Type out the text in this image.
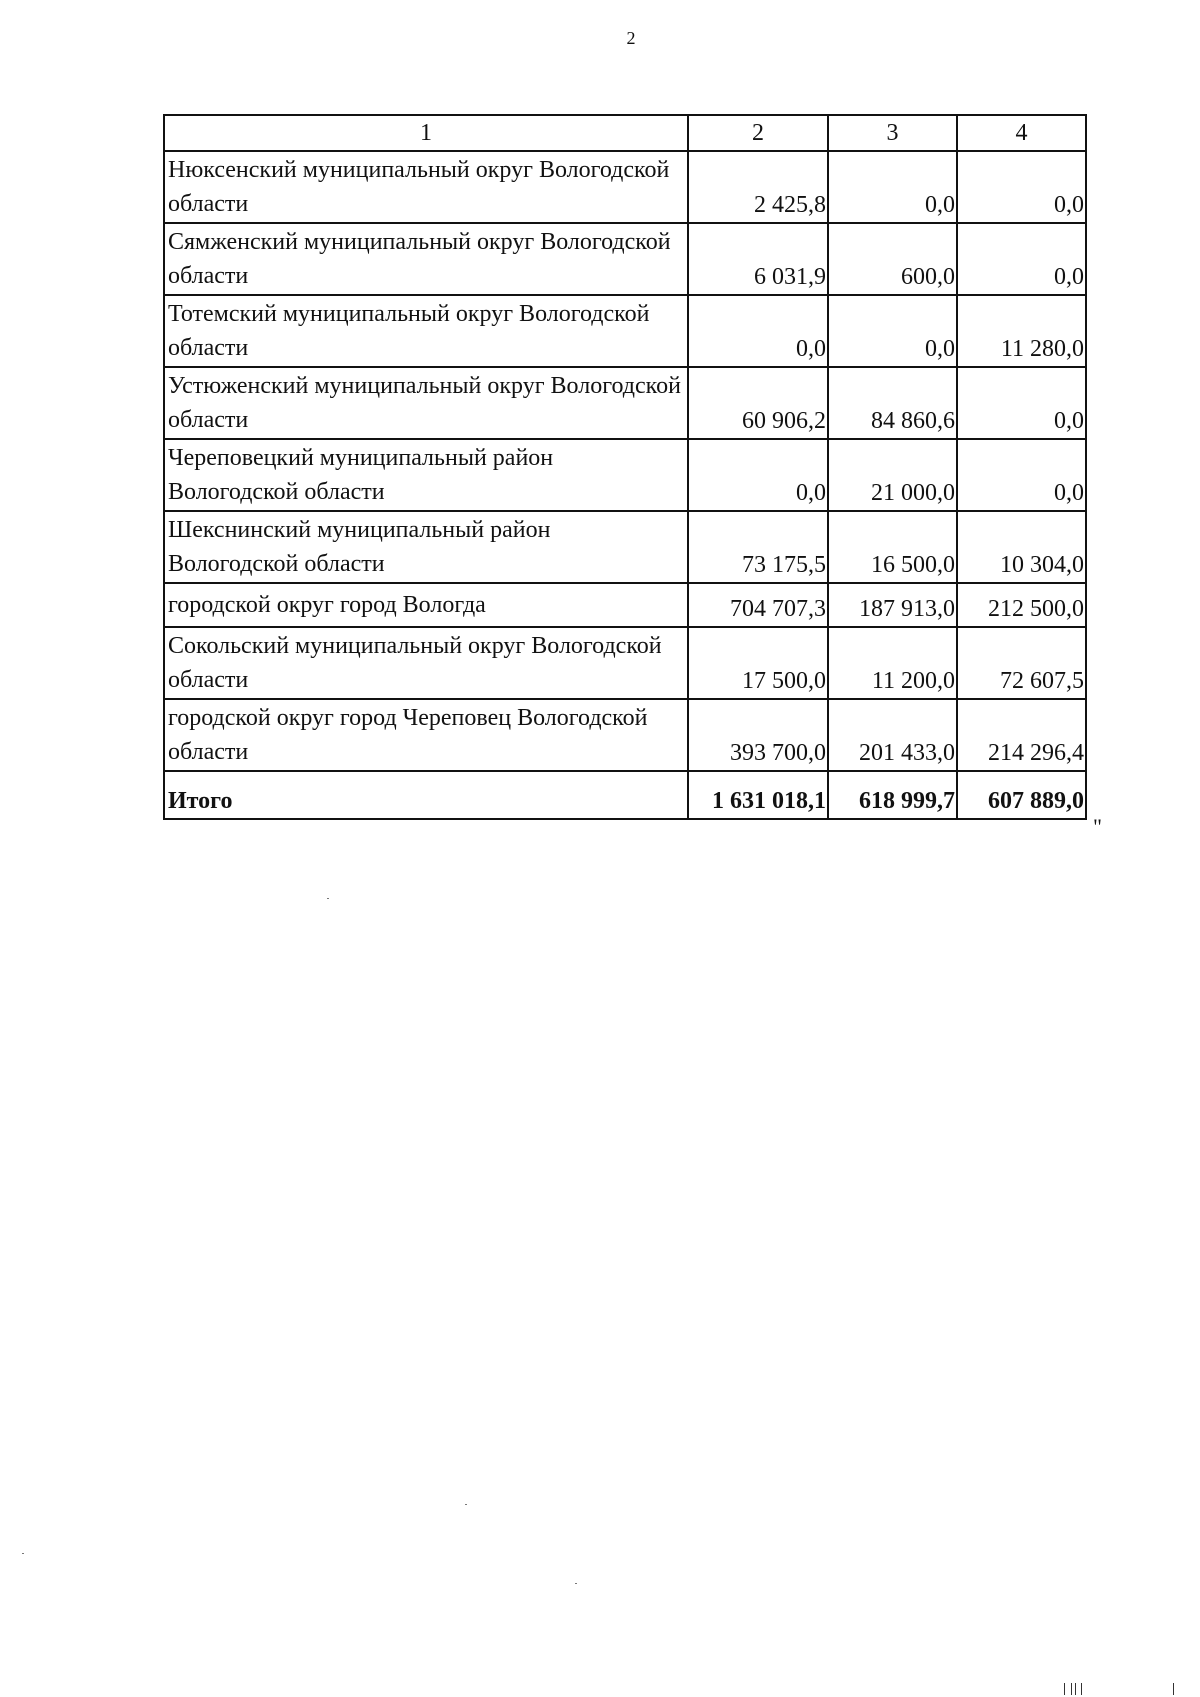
2
1	2	3	4
Нюксенский муниципальный округ Вологодской области	2 425,8	0,0	0,0
Сямженский муниципальный округ Вологодской области	6 031,9	600,0	0,0
Тотемский муниципальный округ Вологодской области	0,0	0,0	11 280,0
Устюженский муниципальный округ Вологодской области	60 906,2	84 860,6	0,0
Череповецкий муниципальный район Вологодской области	0,0	21 000,0	0,0
Шекснинский муниципальный район Вологодской области	73 175,5	16 500,0	10 304,0
городской округ город Вологда	704 707,3	187 913,0	212 500,0
Сокольский муниципальный округ Вологодской области	17 500,0	11 200,0	72 607,5
городской округ город Череповец Вологодской области	393 700,0	201 433,0	214 296,4
Итого	1 631 018,1	618 999,7	607 889,0
"
